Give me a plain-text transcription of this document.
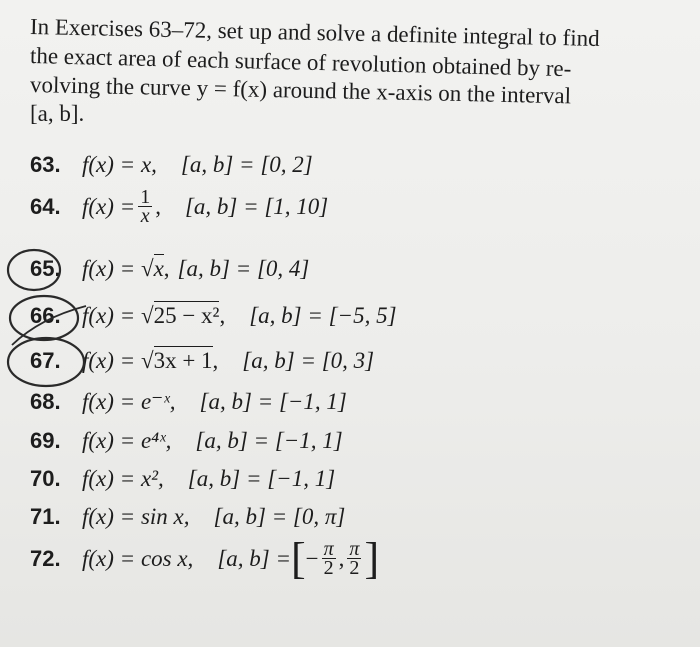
In Exercises 63–72, set up and solve a definite integral to find
the exact area of each surface of revolution obtained by re-
volving the curve y = f(x) around the x-axis on the interval
[a, b].
63. f(x) = x, [a, b] = [0, 2]
64. $f(x) = \frac{1}{x}$ , [a, b] = [1, 10]
65. f(x) = √ x , [a, b] = [0, 4]
66. f(x) = √ 25 − x² , [a, b] = [−5, 5]
67. f(x) = √ 3x + 1 , [a, b] = [0, 3]
68. f(x) = e⁻ˣ, [a, b] = [−1, 1]
69. f(x) = e⁴ˣ, [a, b] = [−1, 1]
70. f(x) = x², [a, b] = [−1, 1]
71. f(x) = sin x, [a, b] = [0, π]
72. f(x) = cos x, [a, b] = [ − $\frac{\pi}{2}$ , $\frac{\pi}{2}$ ]
